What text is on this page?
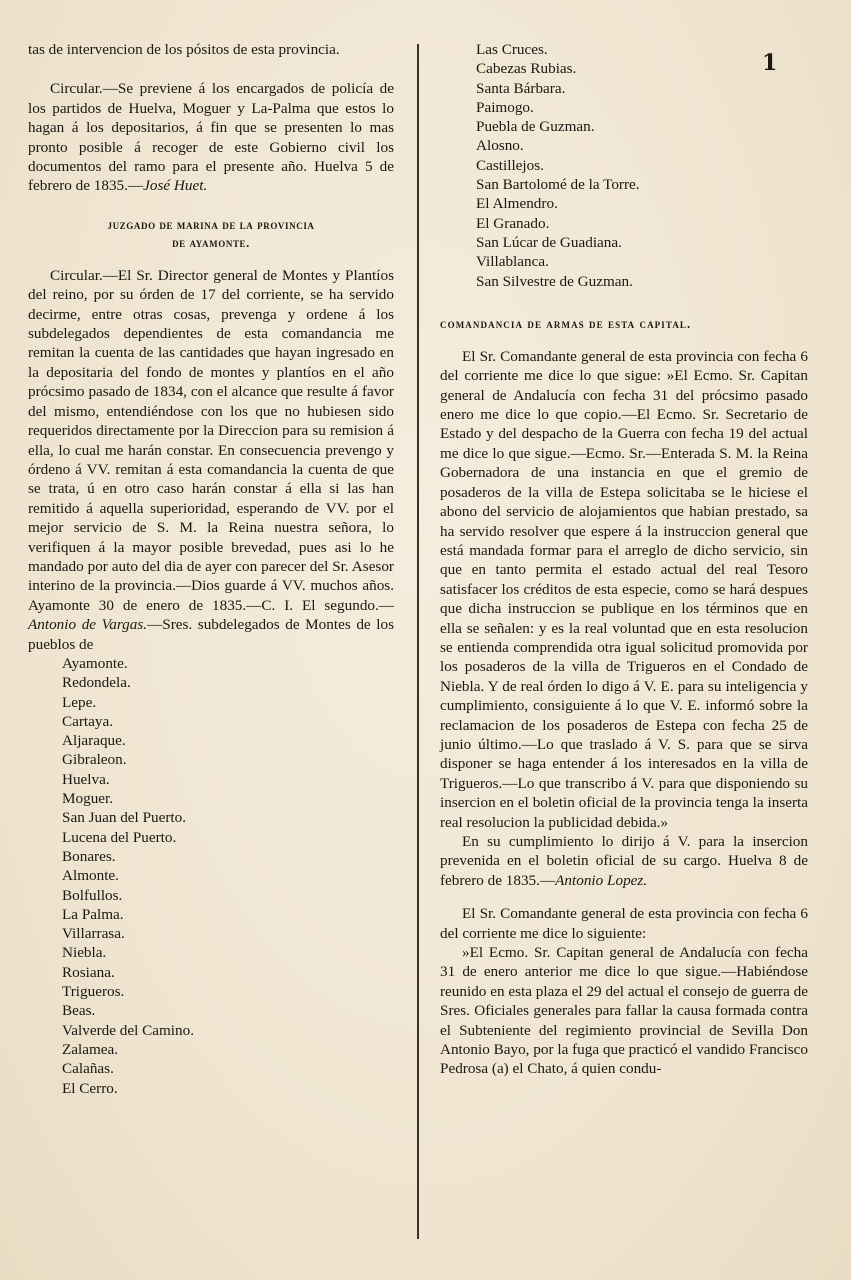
1

tas de intervencion de los pósitos de esta provincia.

Circular.—Se previene á los encargados de policía de los partidos de Huelva, Moguer y La-Palma que estos lo hagan á los depositarios, á fin que se presenten lo mas pronto posible á recoger de este Gobierno civil los documentos del ramo para el presente año. Huelva 5 de febrero de 1835.—José Huet.

juzgado de marina de la provincia
de ayamonte.

Circular.—El Sr. Director general de Montes y Plantíos del reino, por su órden de 17 del corriente, se ha servido decirme, entre otras cosas, prevenga y ordene á los subdelegados dependientes de esta comandancia me remitan la cuenta de las cantidades que hayan ingresado en la depositaria del fondo de montes y plantíos en el año prócsimo pasado de 1834, con el alcance que resulte á favor del mismo, entendiéndose con los que no hubiesen sido requeridos directamente por la Direccion para su remision á ella, lo cual me harán constar. En consecuencia prevengo y órdeno á VV. remitan á esta comandancia la cuenta de que se trata, ú en otro caso harán constar á ella si las han remitido á aquella superioridad, esperando de VV. por el mejor servicio de S. M. la Reina nuestra señora, lo verifiquen á la mayor posible brevedad, pues asi lo he mandado por auto del dia de ayer con parecer del Sr. Asesor interino de la provincia.—Dios guarde á VV. muchos años. Ayamonte 30 de enero de 1835.—C. I. El segundo.—Antonio de Vargas.—Sres. subdelegados de Montes de los pueblos de

Ayamonte.
Redondela.
Lepe.
Cartaya.
Aljaraque.
Gibraleon.
Huelva.
Moguer.
San Juan del Puerto.
Lucena del Puerto.
Bonares.
Almonte.
Bolfullos.
La Palma.
Villarrasa.
Niebla.
Rosiana.
Trigueros.
Beas.
Valverde del Camino.
Zalamea.
Calañas.
El Cerro.
Las Cruces.
Cabezas Rubias.
Santa Bárbara.
Paimogo.
Puebla de Guzman.
Alosno.
Castillejos.
San Bartolomé de la Torre.
El Almendro.
El Granado.
San Lúcar de Guadiana.
Villablanca.
San Silvestre de Guzman.
comandancia de armas de esta capital.

El Sr. Comandante general de esta provincia con fecha 6 del corriente me dice lo que sigue: »El Ecmo. Sr. Capitan general de Andalucía con fecha 31 del prócsimo pasado enero me dice lo que copio.—El Ecmo. Sr. Secretario de Estado y del despacho de la Guerra con fecha 19 del actual me dice lo que sigue.—Ecmo. Sr.—Enterada S. M. la Reina Gobernadora de una instancia en que el gremio de posaderos de la villa de Estepa solicitaba se le hiciese el abono del servicio de alojamientos que habian prestado, sa ha servido resolver que espere á la instruccion general que está mandada formar para el arreglo de dicho servicio, sin que en tanto permita el estado actual del real Tesoro satisfacer los créditos de esta especie, como se hará despues que dicha instruccion se publique en los términos que en ella se señalen: y es la real voluntad que en esta resolucion se entienda comprendida otra igual solicitud promovida por los posaderos de la villa de Trigueros en el Condado de Niebla. Y de real órden lo digo á V. E. para su inteligencia y cumplimiento, consiguiente á lo que V. E. informó sobre la reclamacion de los posaderos de Estepa con fecha 25 de junio último.—Lo que traslado á V. S. para que se sirva disponer se haga entender á los interesados en la villa de Trigueros.—Lo que transcribo á V. para que disponiendo su insercion en el boletin oficial de la provincia tenga la inserta real resolucion la publicidad debida.»

En su cumplimiento lo dirijo á V. para la insercion prevenida en el boletin oficial de su cargo. Huelva 8 de febrero de 1835.—Antonio Lopez.

El Sr. Comandante general de esta provincia con fecha 6 del corriente me dice lo siguiente:

»El Ecmo. Sr. Capitan general de Andalucía con fecha 31 de enero anterior me dice lo que sigue.—Habiéndose reunido en esta plaza el 29 del actual el consejo de guerra de Sres. Oficiales generales para fallar la causa formada contra el Subteniente del regimiento provincial de Sevilla Don Antonio Bayo, por la fuga que practicó el vandido Francisco Pedrosa (a) el Chato, á quien condu-
